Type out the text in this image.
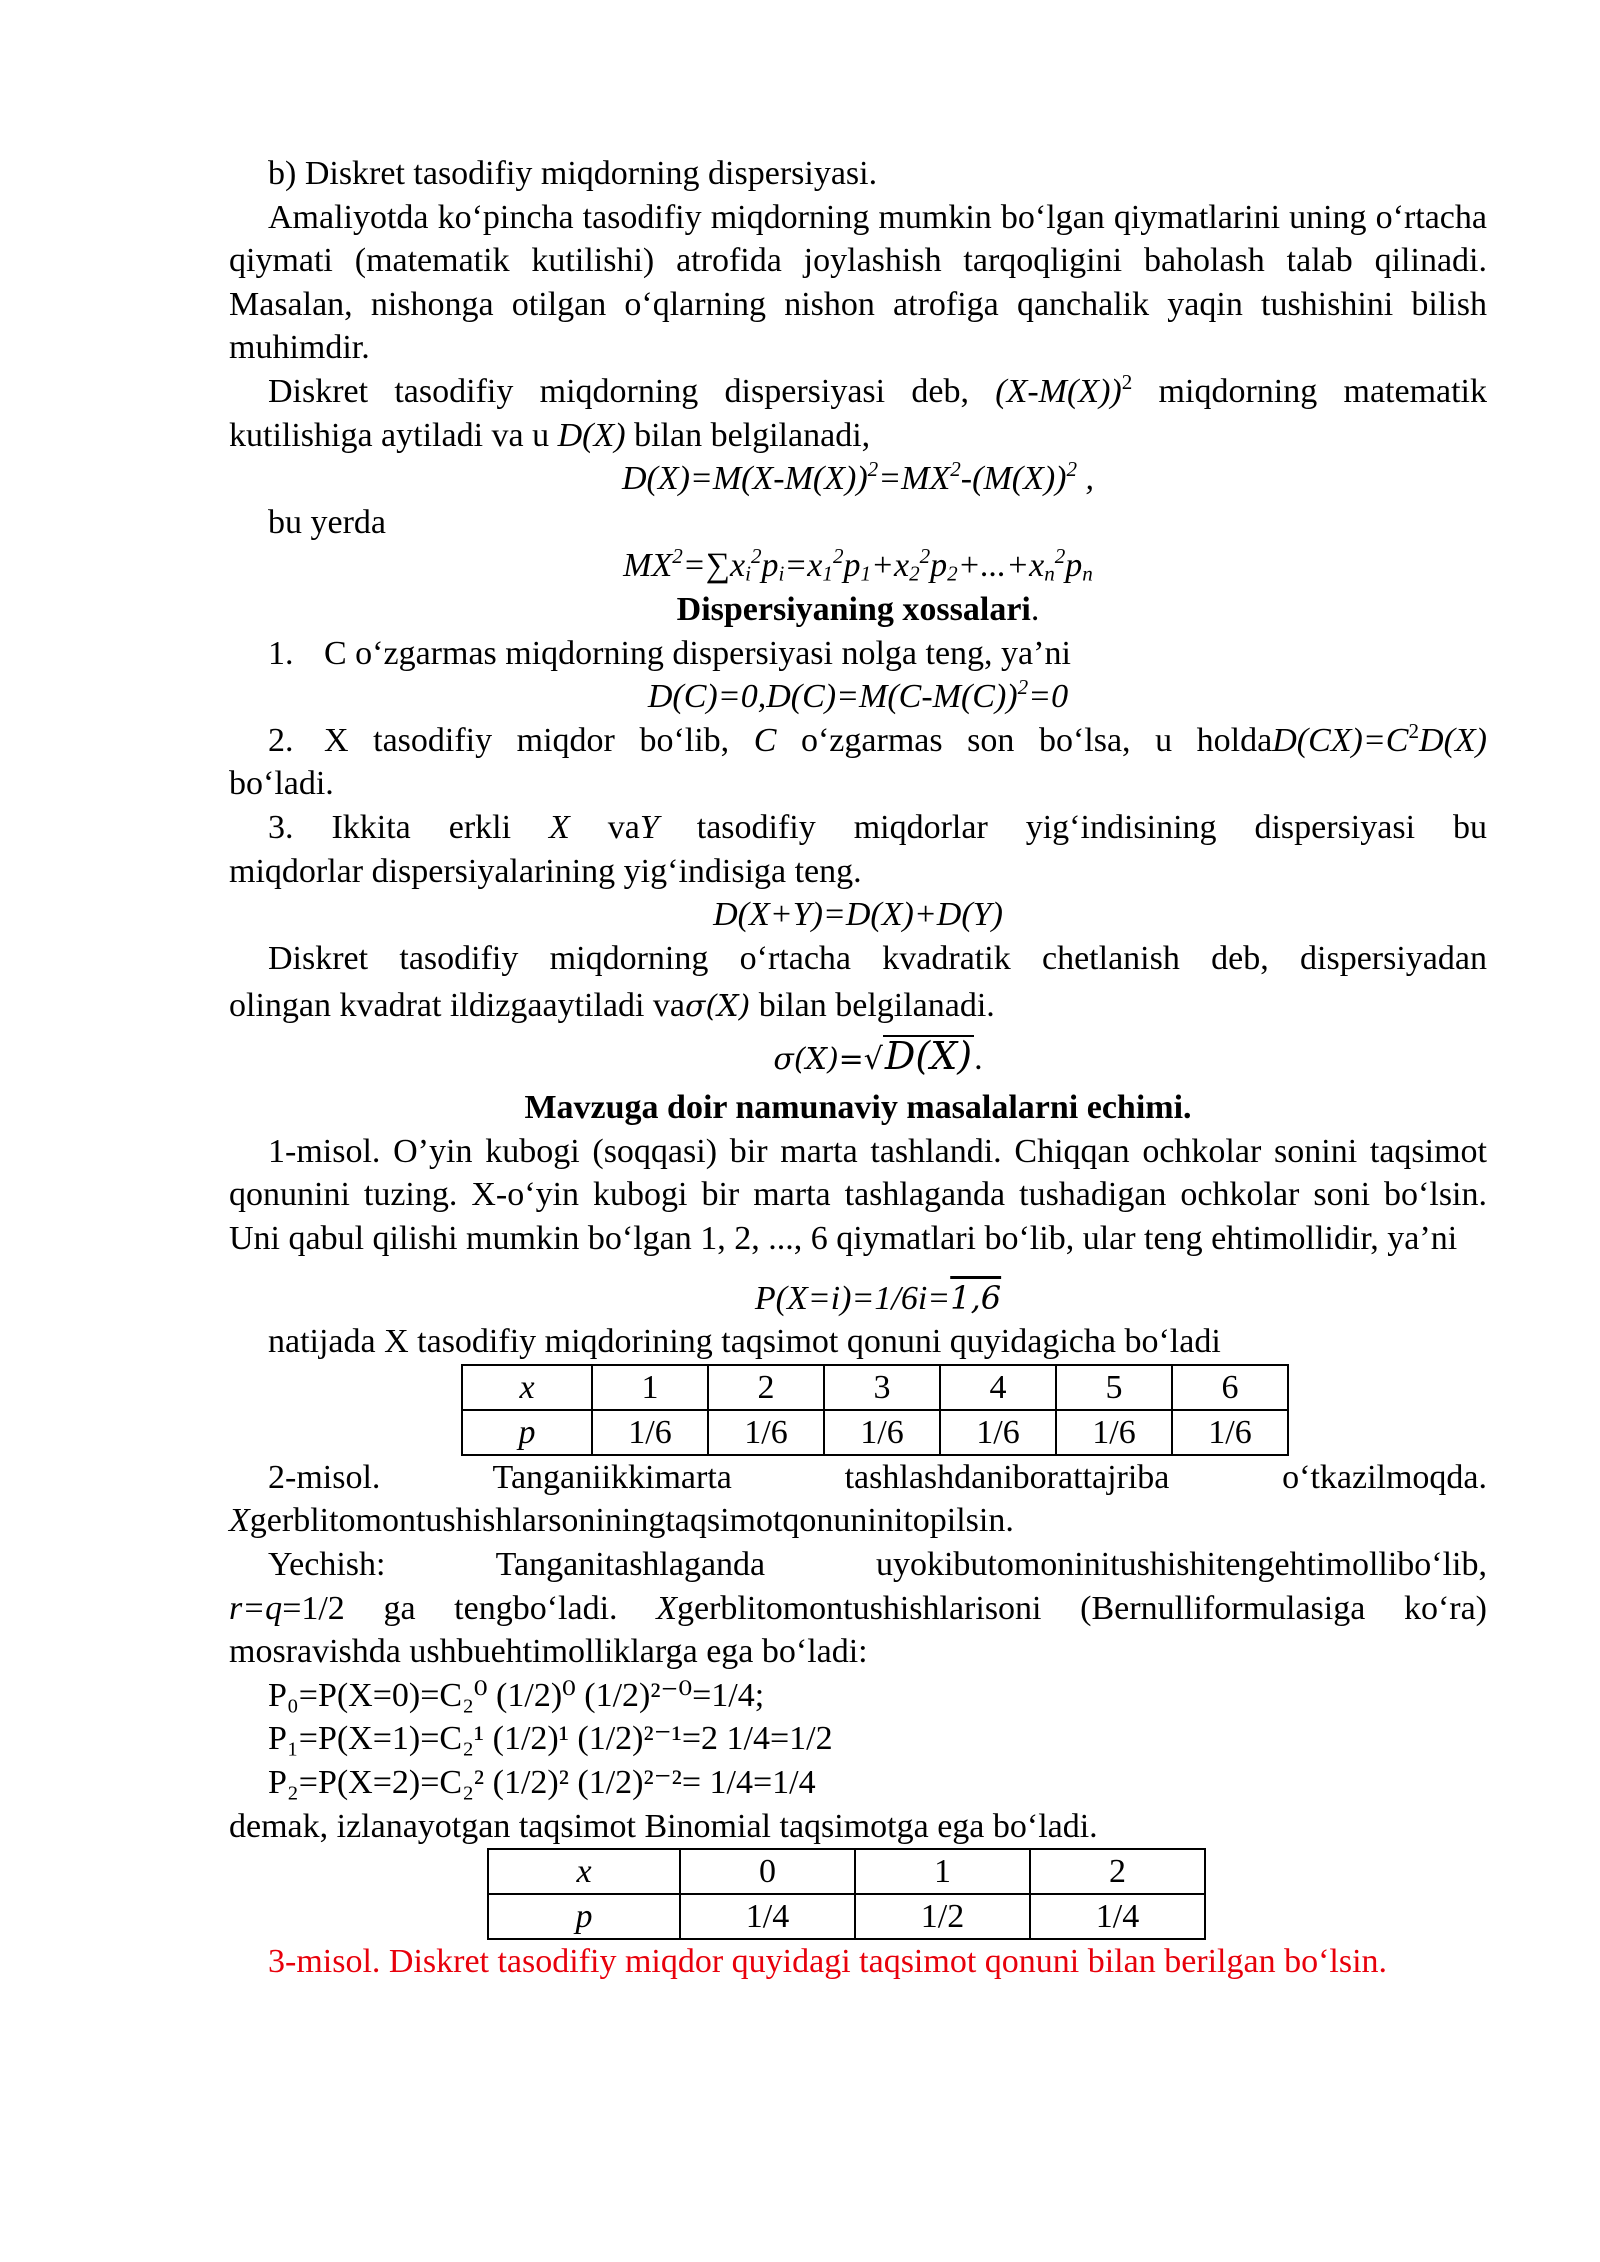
b) Diskret tasodifiy miqdorning dispersiyasi.
Amaliyotda ko‘pincha tasodifiy miqdorning mumkin bo‘lgan qiymatlarini uning o‘rtacha qiymati (matematik kutilishi) atrofida joylashish tarqoqligini baholash talab qilinadi. Masalan, nishonga otilgan o‘qlarning nishon atrofiga qanchalik yaqin tushishini bilish muhimdir.
Diskret tasodifiy miqdorning dispersiyasi deb, $(X-M(X))^2$ miqdorning matematik kutilishiga aytiladi va u D(X) bilan belgilanadi,
$D(X)=M(X-M(X))^2=MX^2-(M(X))^2$ ,
bu yerda
$MX^2=\sum x_i^2p_i=x_1^2p_1+x_2^2p_2+...+x_n^2p_n$
Dispersiyaning xossalari.
1. C o‘zgarmas miqdorning dispersiyasi nolga teng, ya’ni
$D(C)=0,D(C)=M(C-M(C))^2=0$
2. X tasodifiy miqdor bo‘lib, C o‘zgarmas son bo‘lsa, u $holdaD(CX)=C^2D(X)$
bo‘ladi.
3. Ikkita erkli X vaY tasodifiy miqdorlar yig‘indisining dispersiyasi bu
miqdorlar dispersiyalarining yig‘indisiga teng.
D(X+Y)=D(X)+D(Y)
Diskret tasodifiy miqdorning o‘rtacha kvadratik chetlanish deb, dispersiyadan
olingan kvadrat ildizgaaytiladi vaσ(X) bilan belgilanadi.
σ(X)=√D(X).
Mavzuga doir namunaviy masalalarni echimi.
1-misol. O’yin kubogi (soqqasi) bir marta tashlandi. Chiqqan ochkolar sonini taqsimot qonunini tuzing. X-o‘yin kubogi bir marta tashlaganda tushadigan ochkolar soni bo‘lsin. Uni qabul qilishi mumkin bo‘lgan 1, 2, ..., 6 qiymatlari bo‘lib, ular teng ehtimollidir, ya’ni
P(X=i)=1/6i=1,6
natijada X tasodifiy miqdorining taqsimot qonuni quyidagicha bo‘ladi
x	1	2	3	4	5	6
p	1/6	1/6	1/6	1/6	1/6	1/6
2-misol.	Tanganiikkimarta	tashlashdaniborattajriba	o‘tkazilmoqda.
Xgerblitomontushishlarsoniningtaqsimotqonuninitopilsin.
Yechish:	Tanganitashlaganda	uyokibutomoninitushishitengehtimollibo‘lib,
r=q=1/2 ga tengbo‘ladi. Xgerblitomontushishlarisoni (Bernulliformulasiga ko‘ra)
mosravishda ushbuehtimolliklarga ega bo‘ladi:
P₀=P(X=0)=C₂⁰ (1/2)⁰ (1/2)²⁻⁰=1/4;
P₁=P(X=1)=C₂¹ (1/2)¹ (1/2)²⁻¹=2 1/4=1/2
P₂=P(X=2)=C₂² (1/2)² (1/2)²⁻²= 1/4=1/4
demak, izlanayotgan taqsimot Binomial taqsimotga ega bo‘ladi.
x	0	1	2
p	1/4	1/2	1/4
3-misol. Diskret tasodifiy miqdor quyidagi taqsimot qonuni bilan berilgan bo‘lsin.
